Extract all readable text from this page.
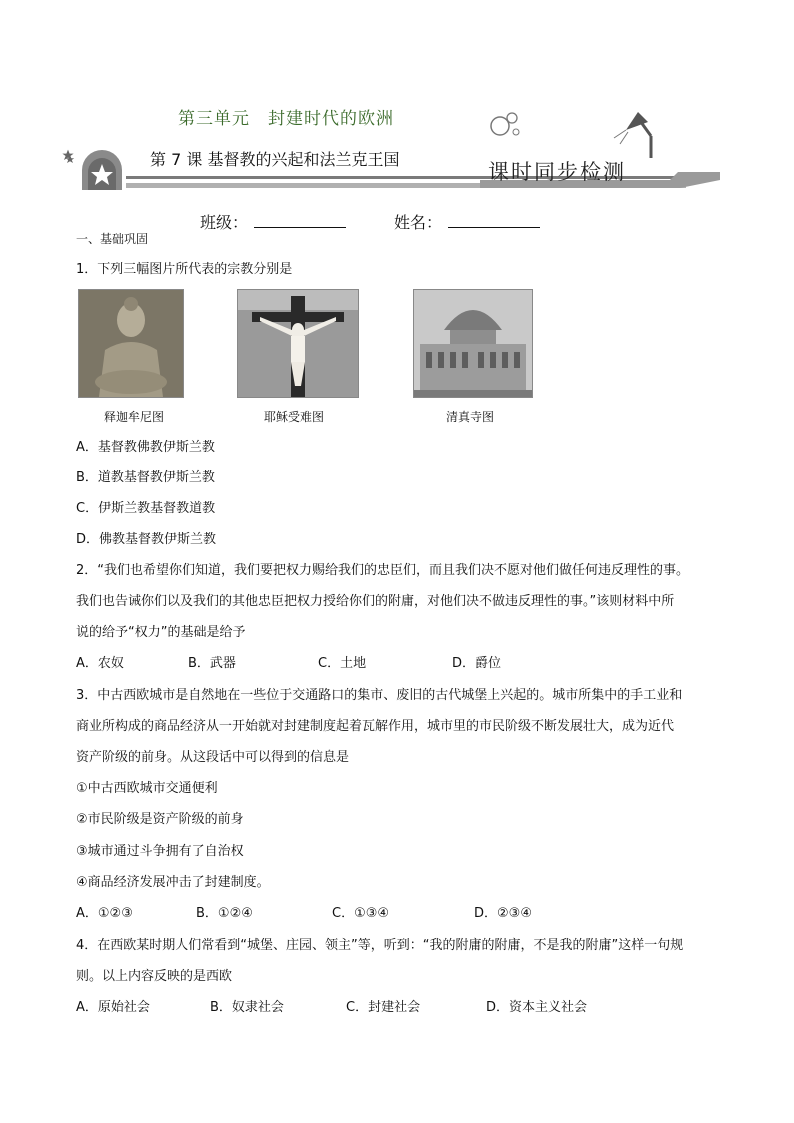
第三单元　封建时代的欧洲
第 7 课 基督教的兴起和法兰克王国
课时同步检测
班级：	姓名：
一、基础巩固
1．下列三幅图片所代表的宗教分别是
释迦牟尼图	耶稣受难图	清真寺图
A．基督教佛教伊斯兰教
B．道教基督教伊斯兰教
C．伊斯兰教基督教道教
D．佛教基督教伊斯兰教
2．“我们也希望你们知道，我们要把权力赐给我们的忠臣们，而且我们决不愿对他们做任何违反理性的事。
我们也告诫你们以及我们的其他忠臣把权力授给你们的附庸，对他们决不做违反理性的事。”该则材料中所
说的给予“权力”的基础是给予
A．农奴	B．武器	C．土地	D．爵位
3．中古西欧城市是自然地在一些位于交通路口的集市、废旧的古代城堡上兴起的。城市所集中的手工业和
商业所构成的商品经济从一开始就对封建制度起着瓦解作用，城市里的市民阶级不断发展壮大，成为近代
资产阶级的前身。从这段话中可以得到的信息是
①中古西欧城市交通便利
②市民阶级是资产阶级的前身
③城市通过斗争拥有了自治权
④商品经济发展冲击了封建制度。
A．①②③	B．①②④	C．①③④	D．②③④
4．在西欧某时期人们常看到“城堡、庄园、领主”等，听到：“我的附庸的附庸，不是我的附庸”这样一句规
则。以上内容反映的是西欧
A．原始社会	B．奴隶社会	C．封建社会	D．资本主义社会
